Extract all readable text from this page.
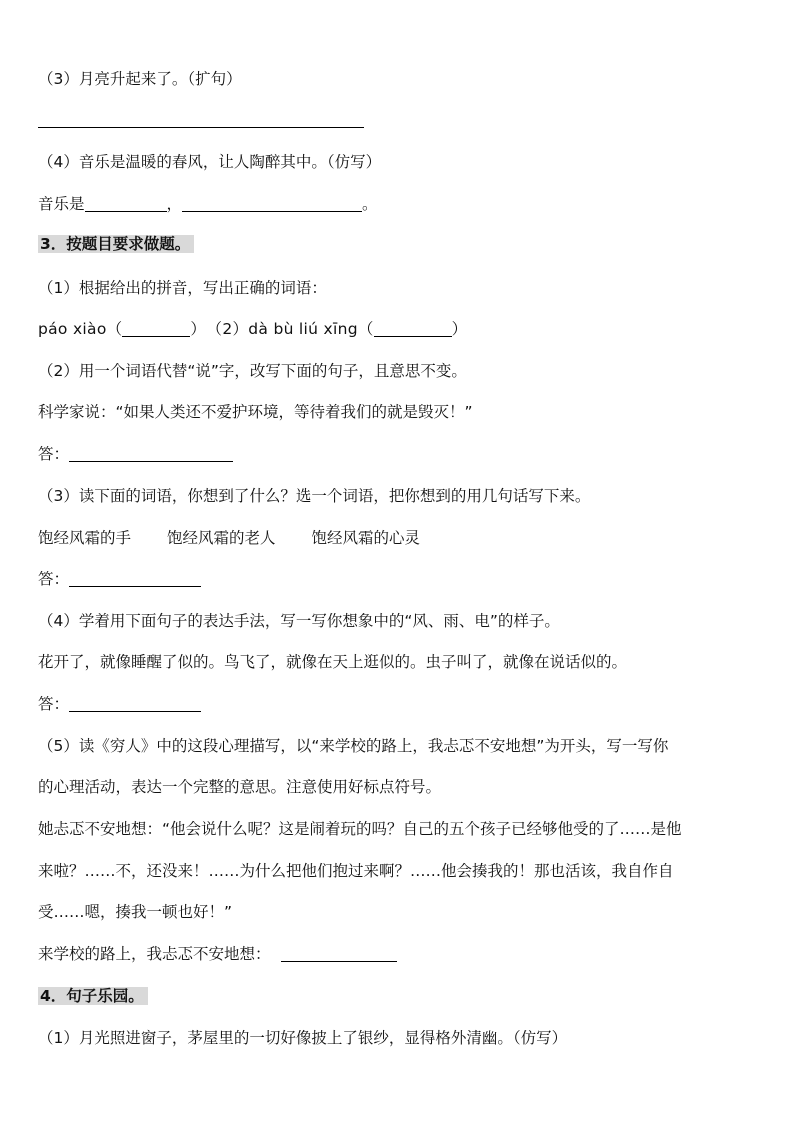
（3）月亮升起来了。（扩句）
（4）音乐是温暖的春风，让人陶醉其中。（仿写）
音乐是	，	。
3．按题目要求做题。
（1）根据给出的拼音，写出正确的词语：
páo xiào（	）　（2）dà bù liú xīng（	）
（2）用一个词语代替“说”字，改写下面的句子，且意思不变。
科学家说：“如果人类还不爱护环境，等待着我们的就是毁灭！”
答：
（3）读下面的词语，你想到了什么？选一个词语，把你想到的用几句话写下来。
饱经风霜的手 饱经风霜的老人 饱经风霜的心灵
答：
（4）学着用下面句子的表达手法，写一写你想象中的“风、雨、电”的样子。
花开了，就像睡醒了似的。鸟飞了，就像在天上逛似的。虫子叫了，就像在说话似的。
答：
（5）读《穷人》中的这段心理描写，以“来学校的路上，我忐忑不安地想”为开头，写一写你
的心理活动，表达一个完整的意思。注意使用好标点符号。
她忐忑不安地想：“他会说什么呢？这是闹着玩的吗？自己的五个孩子已经够他受的了……是他
来啦？……不，还没来！……为什么把他们抱过来啊？……他会揍我的！那也活该，我自作自
受……嗯，揍我一顿也好！”
来学校的路上，我忐忑不安地想：
4．句子乐园。
（1）月光照进窗子，茅屋里的一切好像披上了银纱，显得格外清幽。（仿写）
